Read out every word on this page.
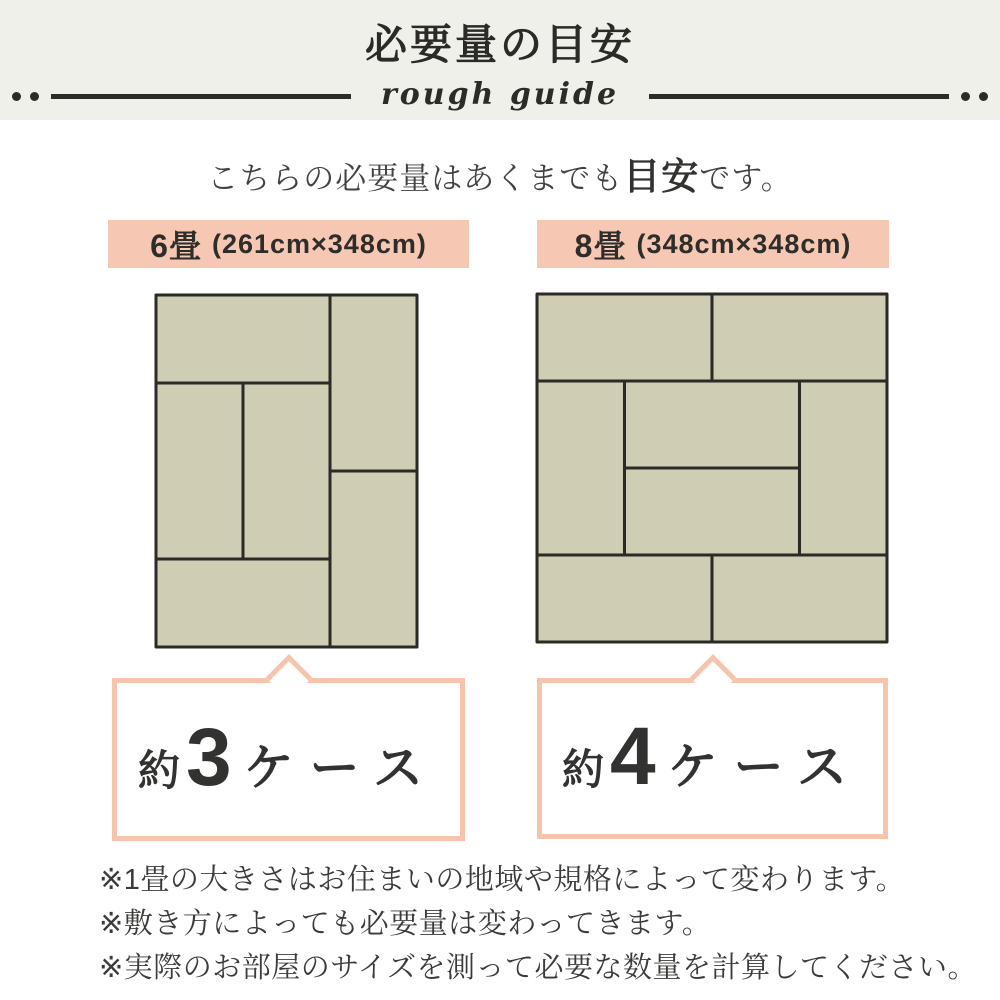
必要量の目安
rough guide
こちらの必要量はあくまでも目安です。
6畳 (261cm×348cm)	8畳 (348cm×348cm)
約 3 ケース	約 4 ケース
※1畳の大きさはお住まいの地域や規格によって変わります。
※敷き方によっても必要量は変わってきます。
※実際のお部屋のサイズを測って必要な数量を計算してください。
